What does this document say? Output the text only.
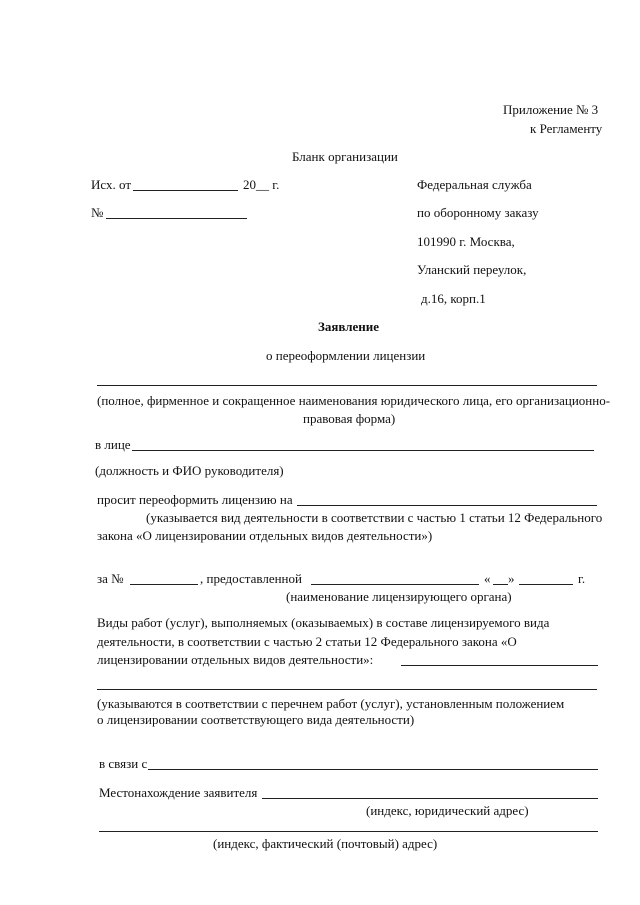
Приложение № 3
к Регламенту
Бланк организации
Исх. от	20__ г.
№
Федеральная служба
по оборонному заказу
101990 г. Москва,
Уланский переулок,
д.16, корп.1
Заявление
о переоформлении лицензии
(полное, фирменное и сокращенное наименования юридического лица, его организационно-
правовая форма)
в лице
(должность и ФИО руководителя)
просит переоформить лицензию на
(указывается вид деятельности в соответствии с частью 1 статьи 12 Федерального
закона «О лицензировании отдельных видов деятельности»)
за №	, предоставленной	« »	г.
(наименование лицензирующего органа)
Виды работ (услуг), выполняемых (оказываемых) в составе лицензируемого вида
деятельности, в соответствии с частью 2 статьи 12 Федерального закона «О
лицензировании отдельных видов деятельности»:
(указываются в соответствии с перечнем работ (услуг), установленным положением
о лицензировании соответствующего вида деятельности)
в связи с
Местонахождение заявителя
(индекс, юридический адрес)
(индекс, фактический (почтовый) адрес)
